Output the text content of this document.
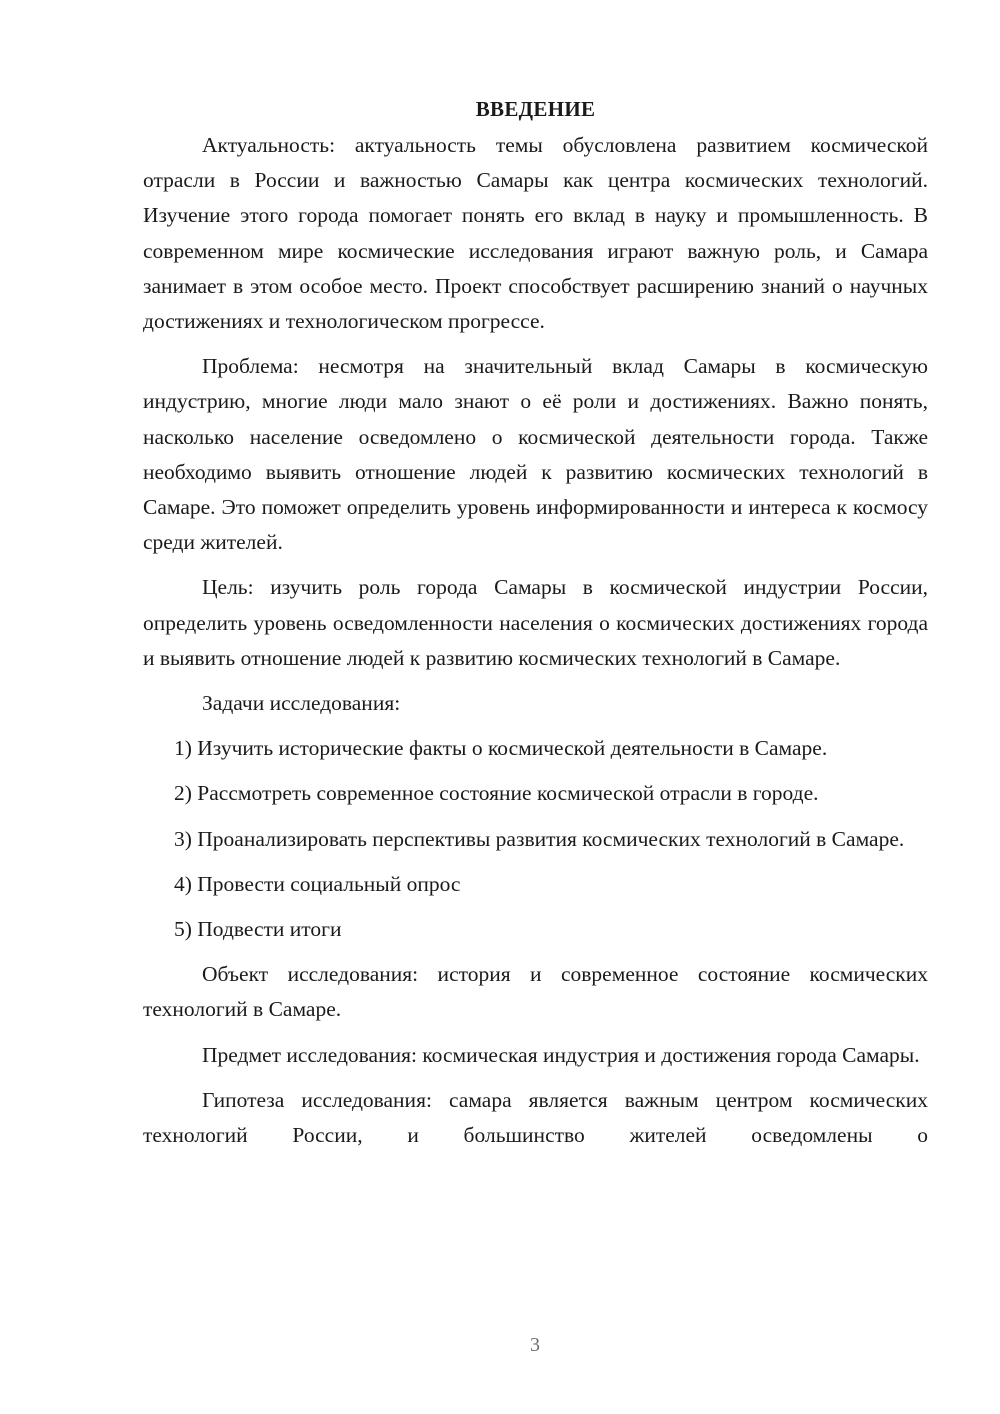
ВВЕДЕНИЕ

Актуальность: актуальность темы обусловлена развитием космической отрасли в России и важностью Самары как центра космических технологий. Изучение этого города помогает понять его вклад в науку и промышленность. В современном мире космические исследования играют важную роль, и Самара занимает в этом особое место. Проект способствует расширению знаний о научных достижениях и технологическом прогрессе.

Проблема: несмотря на значительный вклад Самары в космическую индустрию, многие люди мало знают о её роли и достижениях. Важно понять, насколько население осведомлено о космической деятельности города. Также необходимо выявить отношение людей к развитию космических технологий в Самаре. Это поможет определить уровень информированности и интереса к космосу среди жителей.

Цель: изучить роль города Самары в космической индустрии России, определить уровень осведомленности населения о космических достижениях города и выявить отношение людей к развитию космических технологий в Самаре.

Задачи исследования:

1) Изучить исторические факты о космической деятельности в Самаре.

2) Рассмотреть современное состояние космической отрасли в городе.

3) Проанализировать перспективы развития космических технологий в Самаре.

4) Провести социальный опрос

5) Подвести итоги

Объект исследования: история и современное состояние космических технологий в Самаре.

Предмет исследования: космическая индустрия и достижения города Самары.

Гипотеза исследования: самара является важным центром космических технологий России, и большинство жителей осведомлены о

3
